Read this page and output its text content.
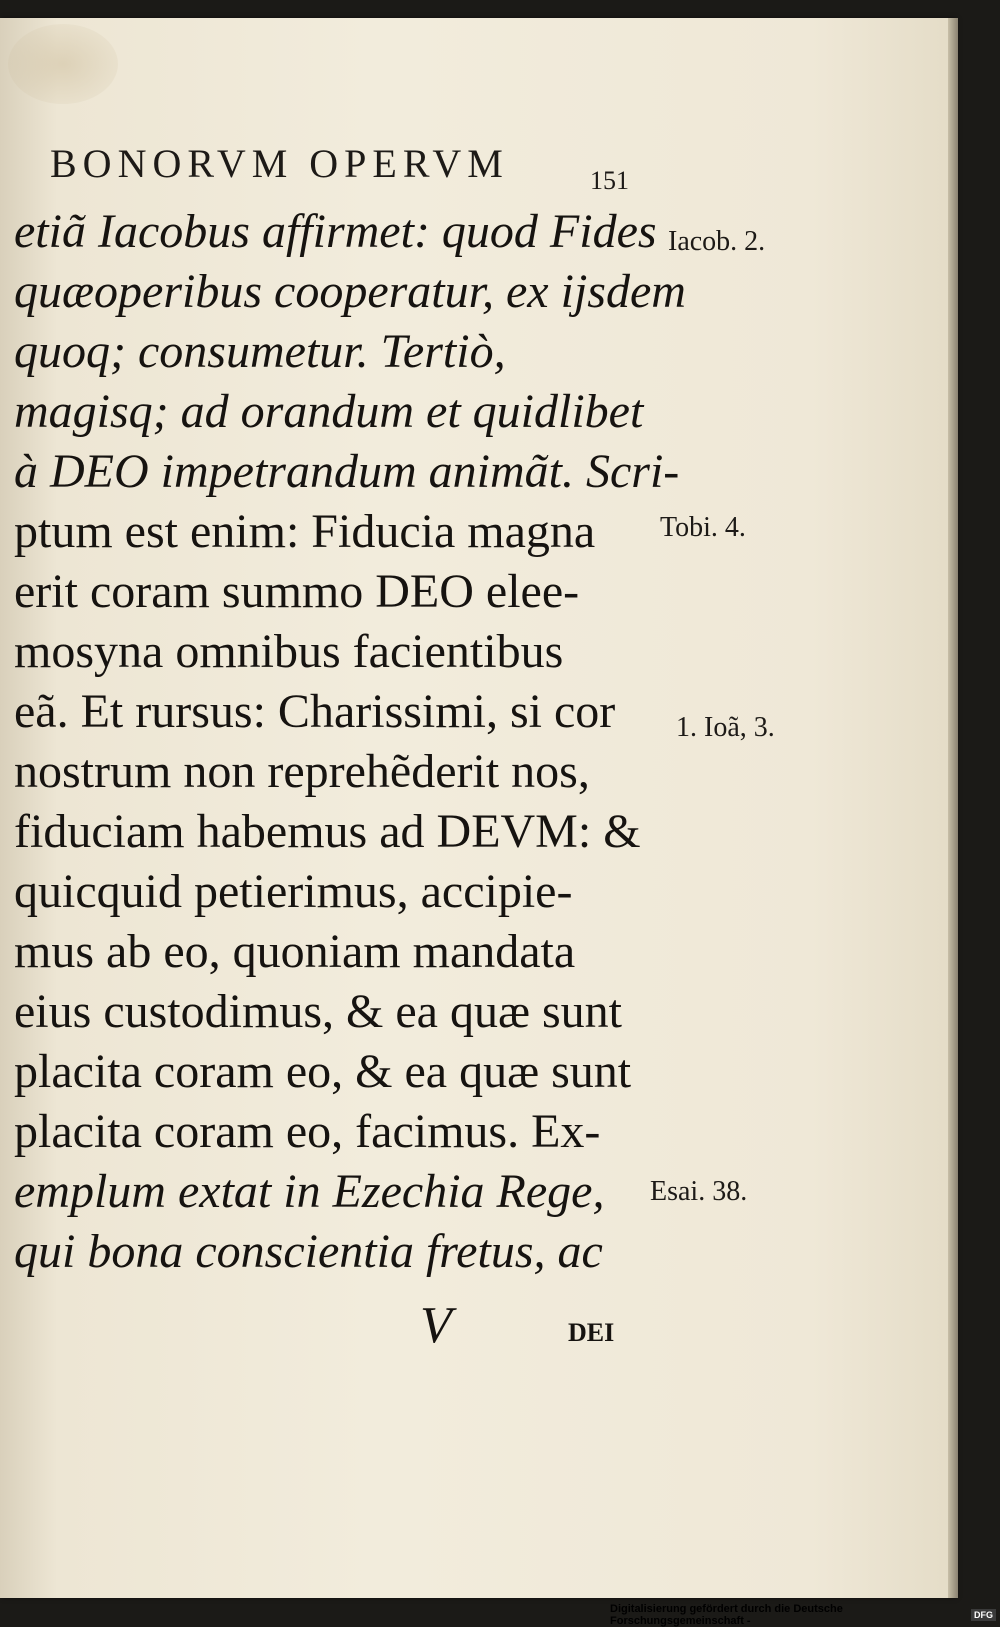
BONORVM OPERVM	151
etiã Iacobus affirmet: quod Fides
quæoperibus cooperatur, ex ijsdem
quoq; consumetur. Tertiò,
magisq; ad orandum et quidlibet
à DEO impetrandum animãt. Scri-
ptum est enim: Fiducia magna
erit coram summo DEO elee-
mosyna omnibus facientibus
eã. Et rursus: Charissimi, si cor
nostrum non reprehẽderit nos,
fiduciam habemus ad DEVM: &
quicquid petierimus, accipie-
mus ab eo, quoniam mandata
eius custodimus, & ea quæ sunt
placita coram eo, & ea quæ sunt
placita coram eo, facimus. Ex-
emplum extat in Ezechia Rege,
qui bona conscientia fretus, ac
Iacob. 2.
Tobi. 4.
1. Ioã, 3.
Esai. 38.
V	DEI
Digitalisierung gefördert durch die Deutsche Forschungsgemeinschaft -	DFG
